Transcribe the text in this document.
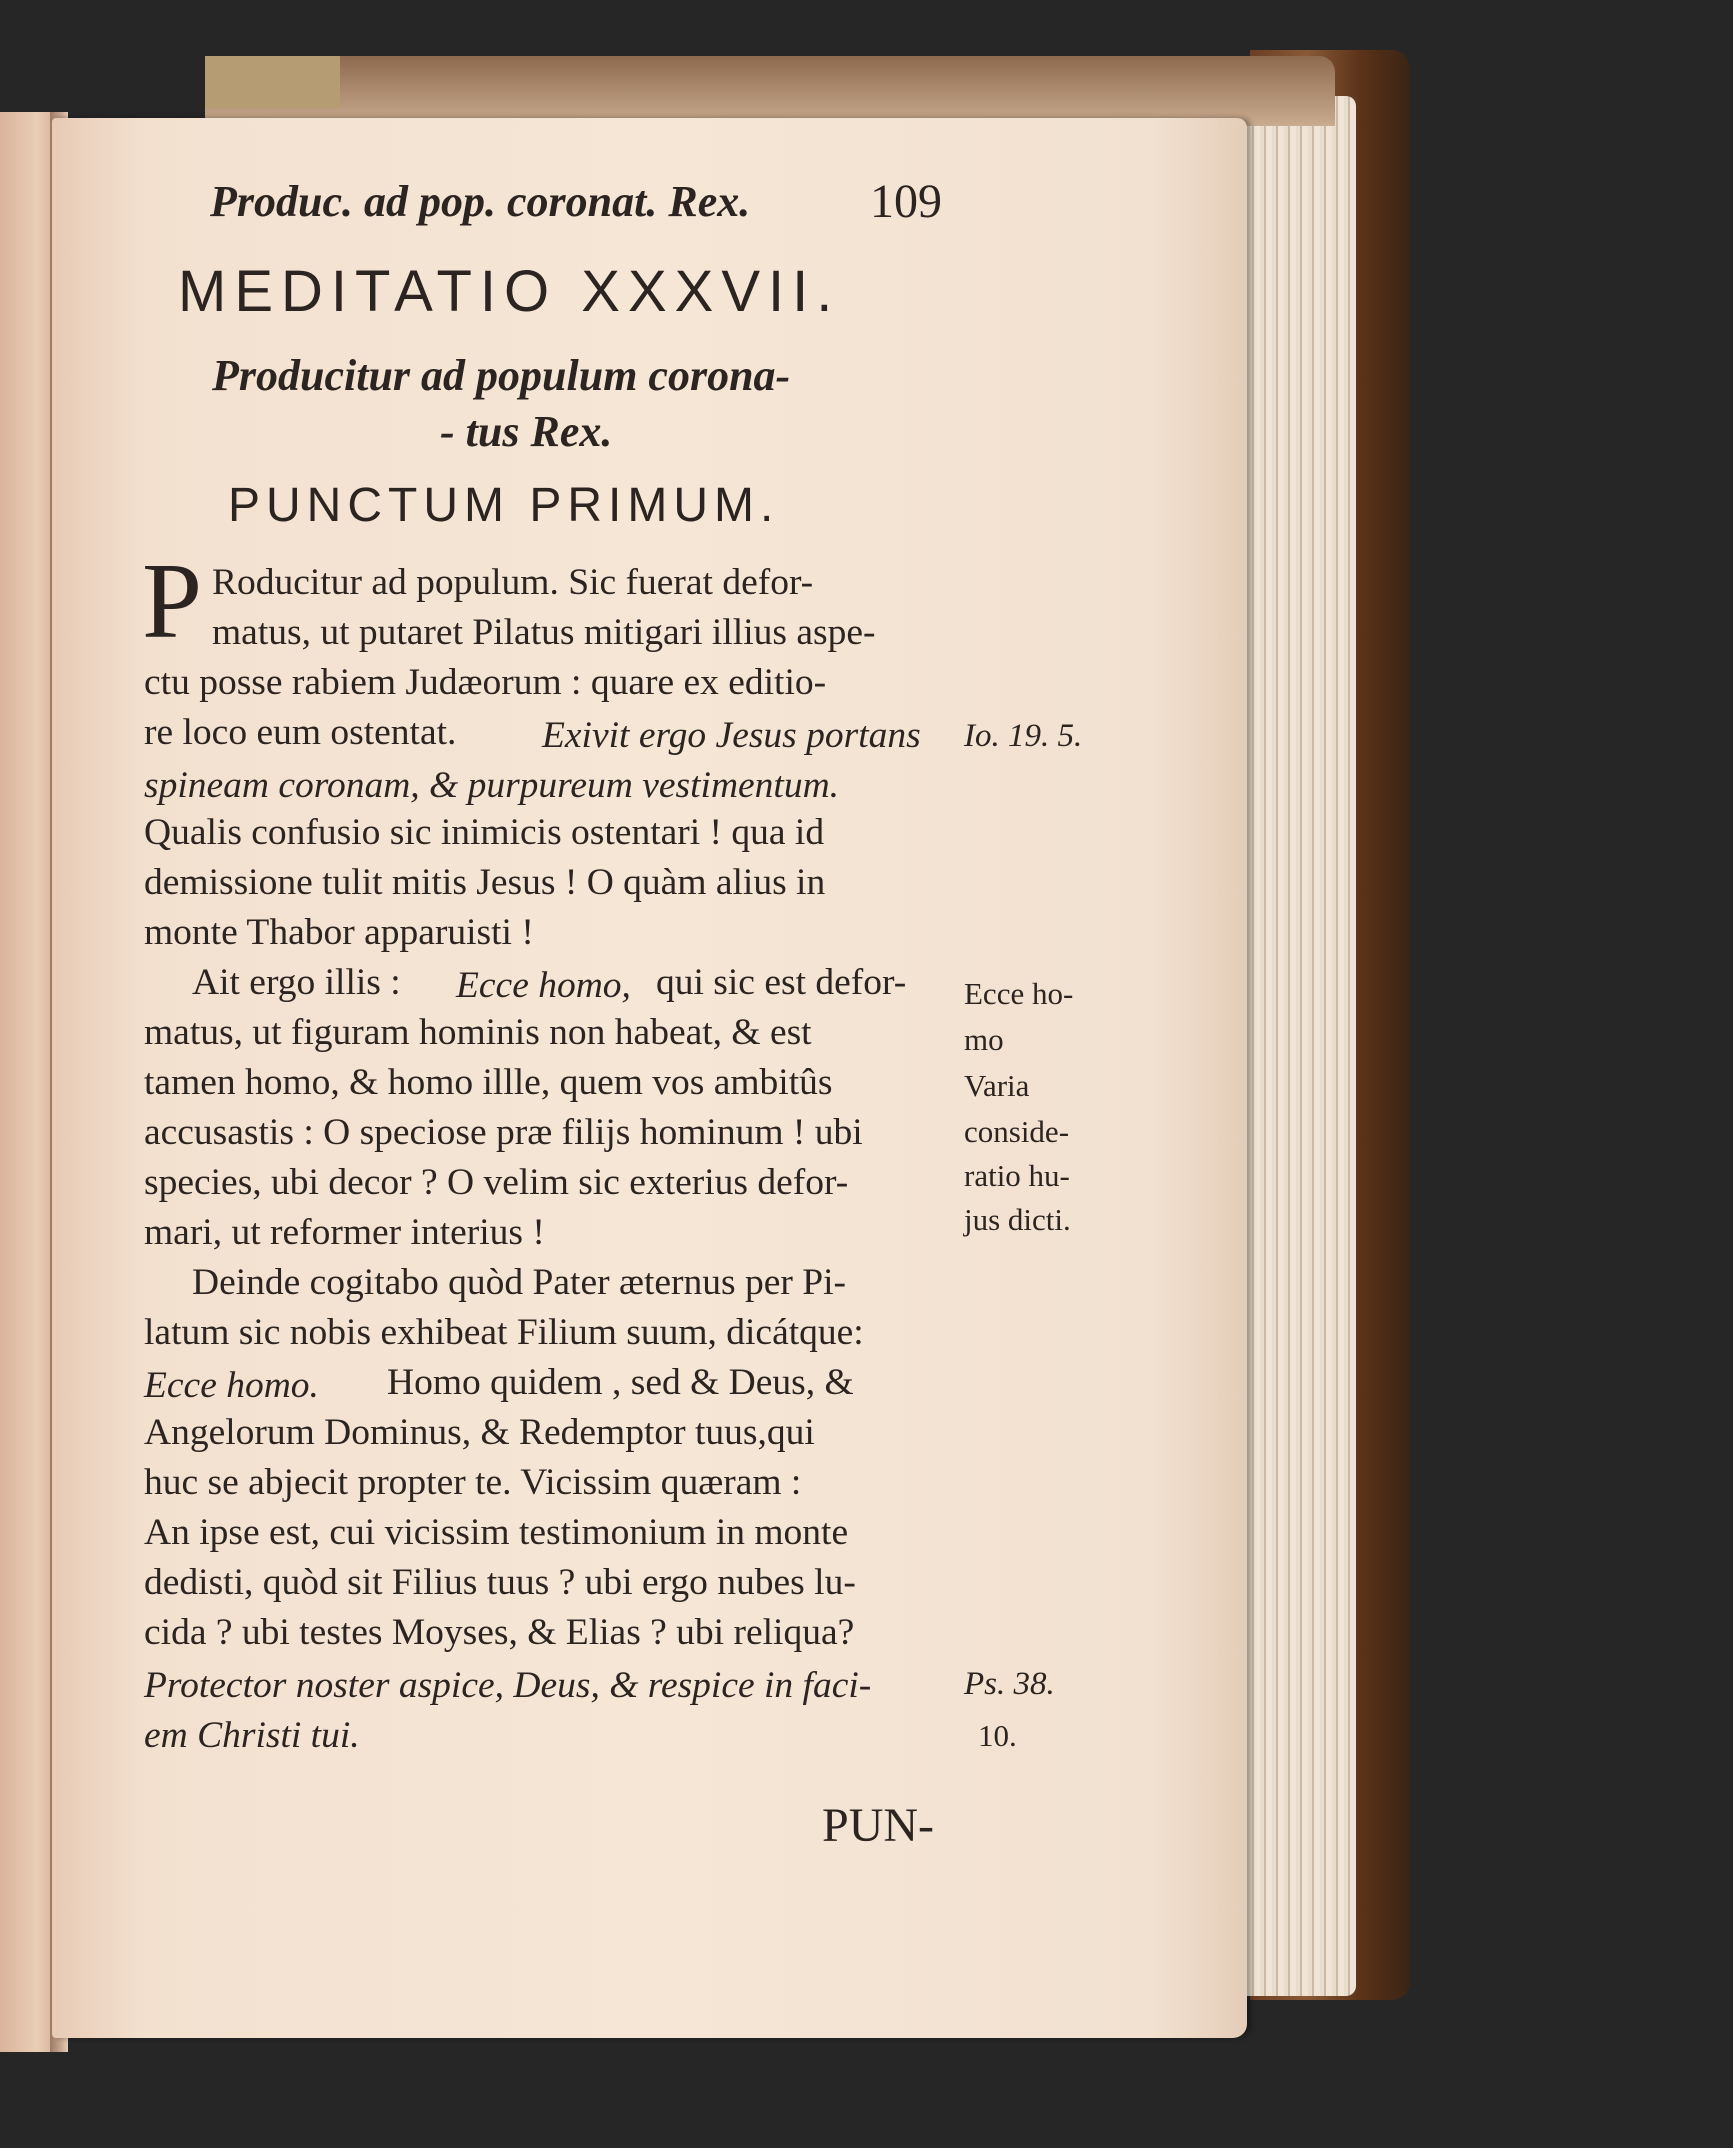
Produc. ad pop. coronat. Rex. 109
MEDITATIO XXXVII.
Producitur ad populum corona-
- tus Rex.
PUNCTUM PRIMUM.
P Roducitur ad populum. Sic fuerat defor-
matus, ut putaret Pilatus mitigari illius aspe-
ctu posse rabiem Judæorum : quare ex editio-
re loco eum ostentat. Exivit ergo Jesus portans
spineam coronam, & purpureum vestimentum.
Qualis confusio sic inimicis ostentari ! qua id
demissione tulit mitis Jesus ! O quàm alius in
monte Thabor apparuisti !
Ait ergo illis : Ecce homo, qui sic est defor-
matus, ut figuram hominis non habeat, & est
tamen homo, & homo illle, quem vos ambitûs
accusastis : O speciose præ filijs hominum ! ubi
species, ubi decor ? O velim sic exterius defor-
mari, ut reformer interius !
Deinde cogitabo quòd Pater æternus per Pi-
latum sic nobis exhibeat Filium suum, dicátque:
Ecce homo. Homo quidem , sed & Deus, &
Angelorum Dominus, & Redemptor tuus,qui
huc se abjecit propter te. Vicissim quæram :
An ipse est, cui vicissim testimonium in monte
dedisti, quòd sit Filius tuus ? ubi ergo nubes lu-
cida ? ubi testes Moyses, & Elias ? ubi reliqua?
Protector noster aspice, Deus, & respice in faci-
em Christi tui.
Io. 19. 5.
Ecce ho-
mo
Varia
conside-
ratio hu-
jus dicti.
Ps. 38.
10.
PUN-
